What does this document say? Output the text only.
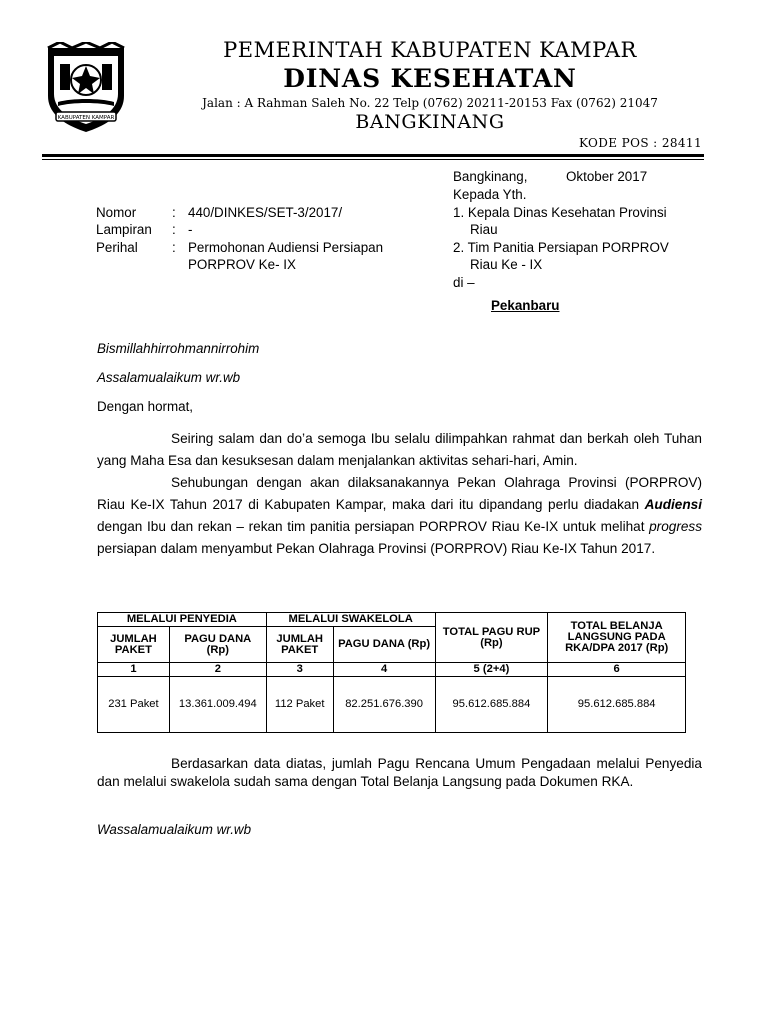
KABUPATEN KAMPAR
PEMERINTAH KABUPATEN KAMPAR
DINAS KESEHATAN
Jalan : A Rahman Saleh No. 22 Telp (0762) 20211-20153 Fax (0762) 21047
BANGKINANG
KODE POS : 28411
Bangkinang,	Oktober 2017
Kepada Yth.
1. Kepala Dinas Kesehatan Provinsi
Riau
2. Tim Panitia Persiapan PORPROV
Riau Ke - IX
di –
Pekanbaru
Nomor	: 440/DINKES/SET-3/2017/
Lampiran : -
Perihal	: Permohonan Audiensi Persiapan
PORPROV Ke- IX
Bismillahhirrohmannirrohim
Assalamualaikum wr.wb
Dengan hormat,
Seiring salam dan do’a semoga Ibu selalu dilimpahkan rahmat dan berkah oleh Tuhan yang Maha Esa dan kesuksesan dalam menjalankan aktivitas sehari-hari, Amin.
Sehubungan dengan akan dilaksanakannya Pekan Olahraga Provinsi (PORPROV) Riau Ke-IX Tahun 2017 di Kabupaten Kampar, maka dari itu dipandang perlu diadakan Audiensi dengan Ibu dan rekan – rekan tim panitia persiapan PORPROV Riau Ke-IX untuk melihat progress persiapan dalam menyambut Pekan Olahraga Provinsi (PORPROV) Riau Ke-IX Tahun 2017.
MELALUI PENYEDIA		MELALUI SWAKELOLA		TOTAL PAGU RUP (Rp)	TOTAL BELANJA LANGSUNG PADA RKA/DPA 2017 (Rp)
JUMLAH PAKET	PAGU DANA (Rp)	JUMLAH PAKET	PAGU DANA (Rp)		
1	2	3	4	5 (2+4)	6
231 Paket	13.361.009.494	112 Paket	82.251.676.390	95.612.685.884	95.612.685.884
Berdasarkan data diatas, jumlah Pagu Rencana Umum Pengadaan melalui Penyedia dan melalui swakelola sudah sama dengan Total Belanja Langsung pada Dokumen RKA.
Wassalamualaikum wr.wb
